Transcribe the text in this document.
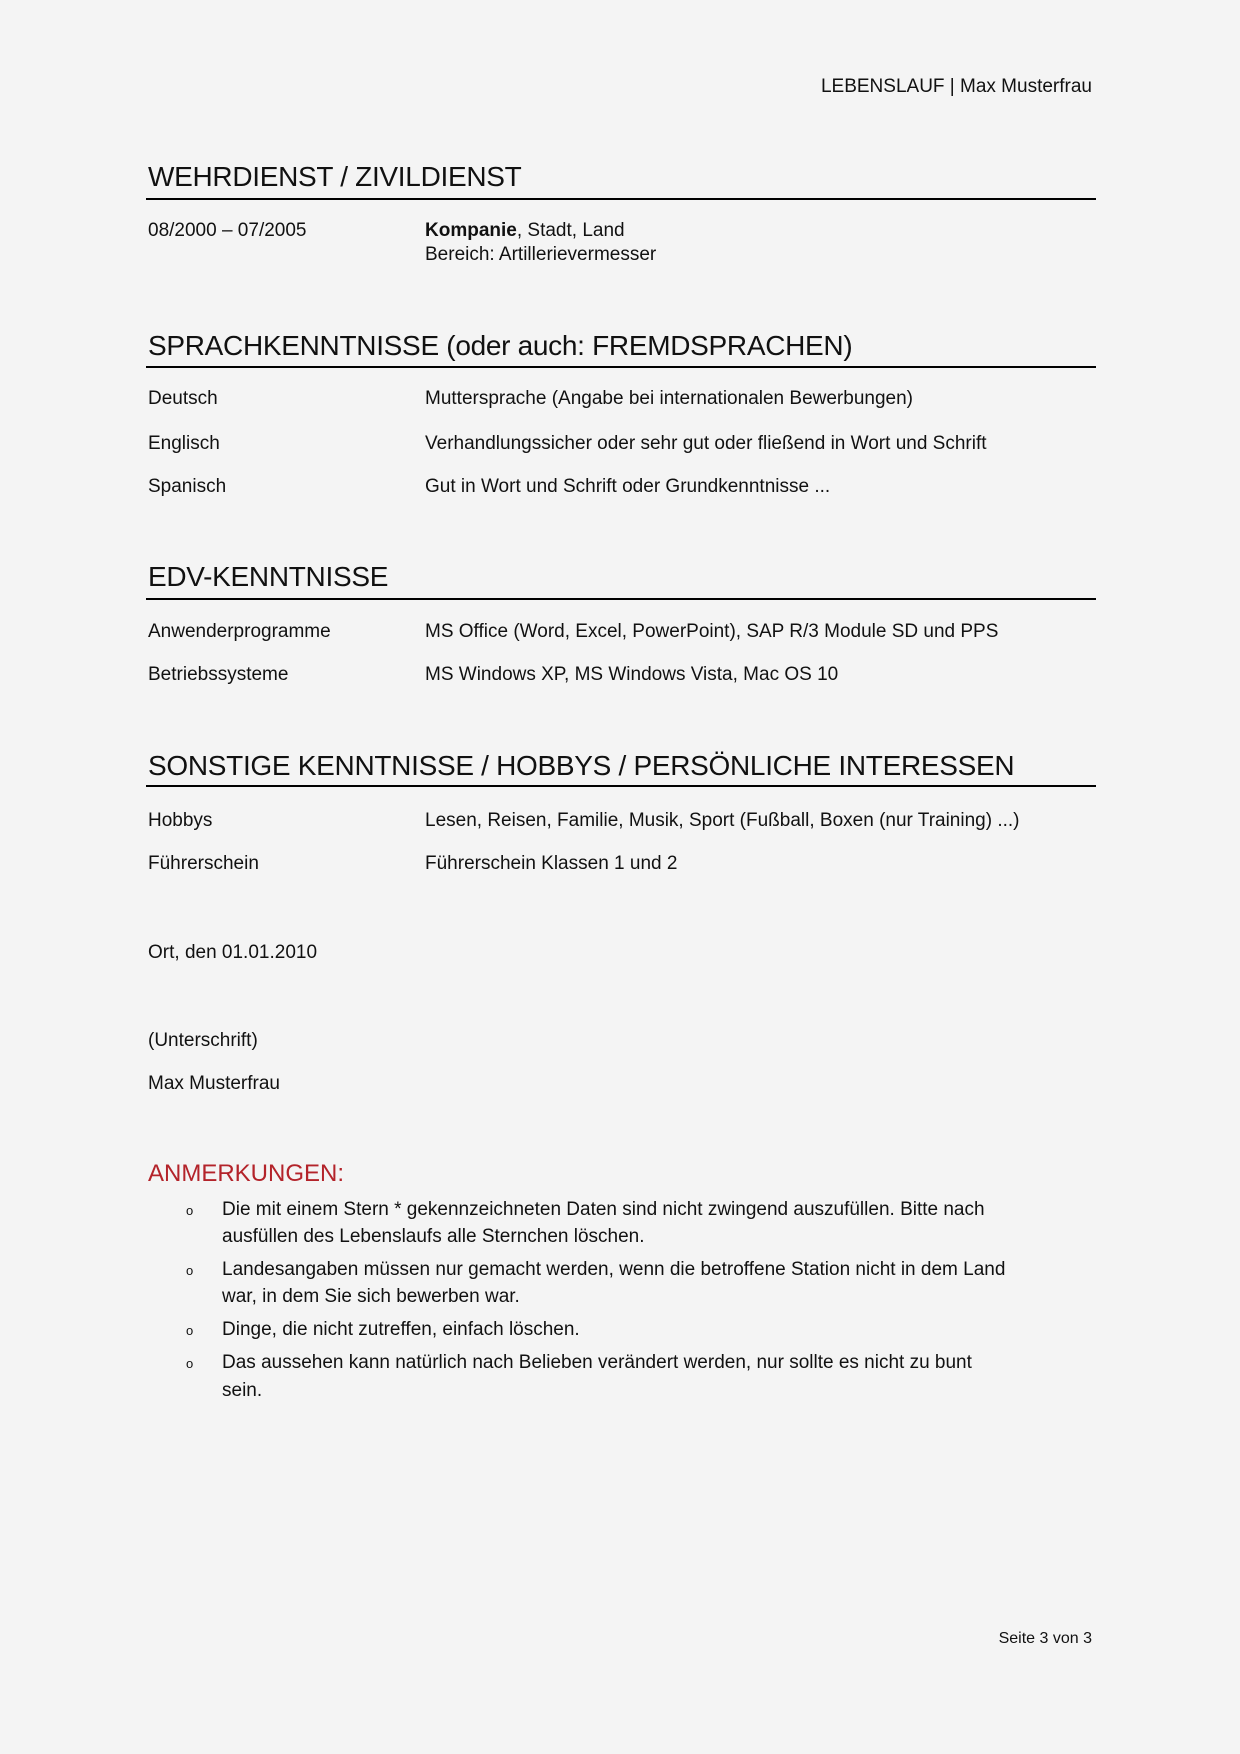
LEBENSLAUF | Max Musterfrau
WEHRDIENST / ZIVILDIENST
08/2000 – 07/2005	Kompanie, Stadt, Land
Bereich: Artillerievermesser
SPRACHKENNTNISSE (oder auch: FREMDSPRACHEN)
Deutsch	Muttersprache (Angabe bei internationalen Bewerbungen)
Englisch	Verhandlungssicher oder sehr gut oder fließend in Wort und Schrift
Spanisch	Gut in Wort und Schrift oder Grundkenntnisse ...
EDV-KENNTNISSE
Anwenderprogramme	MS Office (Word, Excel, PowerPoint), SAP R/3 Module SD und PPS
Betriebssysteme	MS Windows XP, MS Windows Vista, Mac OS 10
SONSTIGE KENNTNISSE / HOBBYS / PERSÖNLICHE INTERESSEN
Hobbys	Lesen, Reisen, Familie, Musik, Sport (Fußball, Boxen (nur Training) ...)
Führerschein	Führerschein Klassen 1 und 2
Ort, den 01.01.2010
(Unterschrift)
Max Musterfrau
ANMERKUNGEN:
o Die mit einem Stern * gekennzeichneten Daten sind nicht zwingend auszufüllen. Bitte nach
ausfüllen des Lebenslaufs alle Sternchen löschen.
o Landesangaben müssen nur gemacht werden, wenn die betroffene Station nicht in dem Land
war, in dem Sie sich bewerben war.
o Dinge, die nicht zutreffen, einfach löschen.
o Das aussehen kann natürlich nach Belieben verändert werden, nur sollte es nicht zu bunt
sein.
Seite 3 von 3
